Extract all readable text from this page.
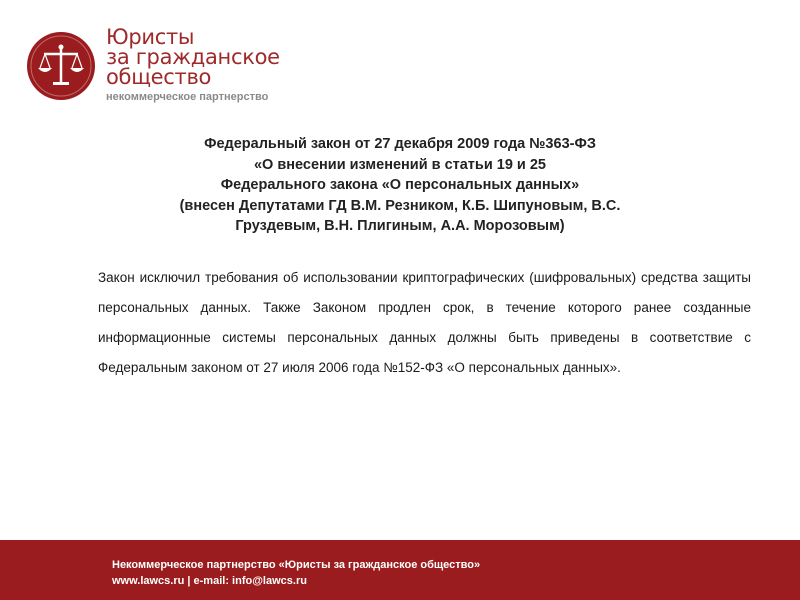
Юристы
за гражданское
общество
некоммерческое партнерство
Федеральный закон от 27 декабря 2009 года №363-ФЗ
«О внесении изменений в статьи 19 и 25
Федерального закона «О персональных данных»
(внесен Депутатами ГД В.М. Резником, К.Б. Шипуновым, В.С.
Груздевым, В.Н. Плигиным, А.А. Морозовым)
Закон исключил требования об использовании криптографических (шифровальных) средства защиты персональных данных. Также Законом продлен срок, в течение которого ранее созданные информационные системы персональных данных должны быть приведены в соответствие с Федеральным законом от 27 июля 2006 года №152-ФЗ «О персональных данных».
Некоммерческое партнерство «Юристы за гражданское общество»
www.lawcs.ru | e-mail: info@lawcs.ru
